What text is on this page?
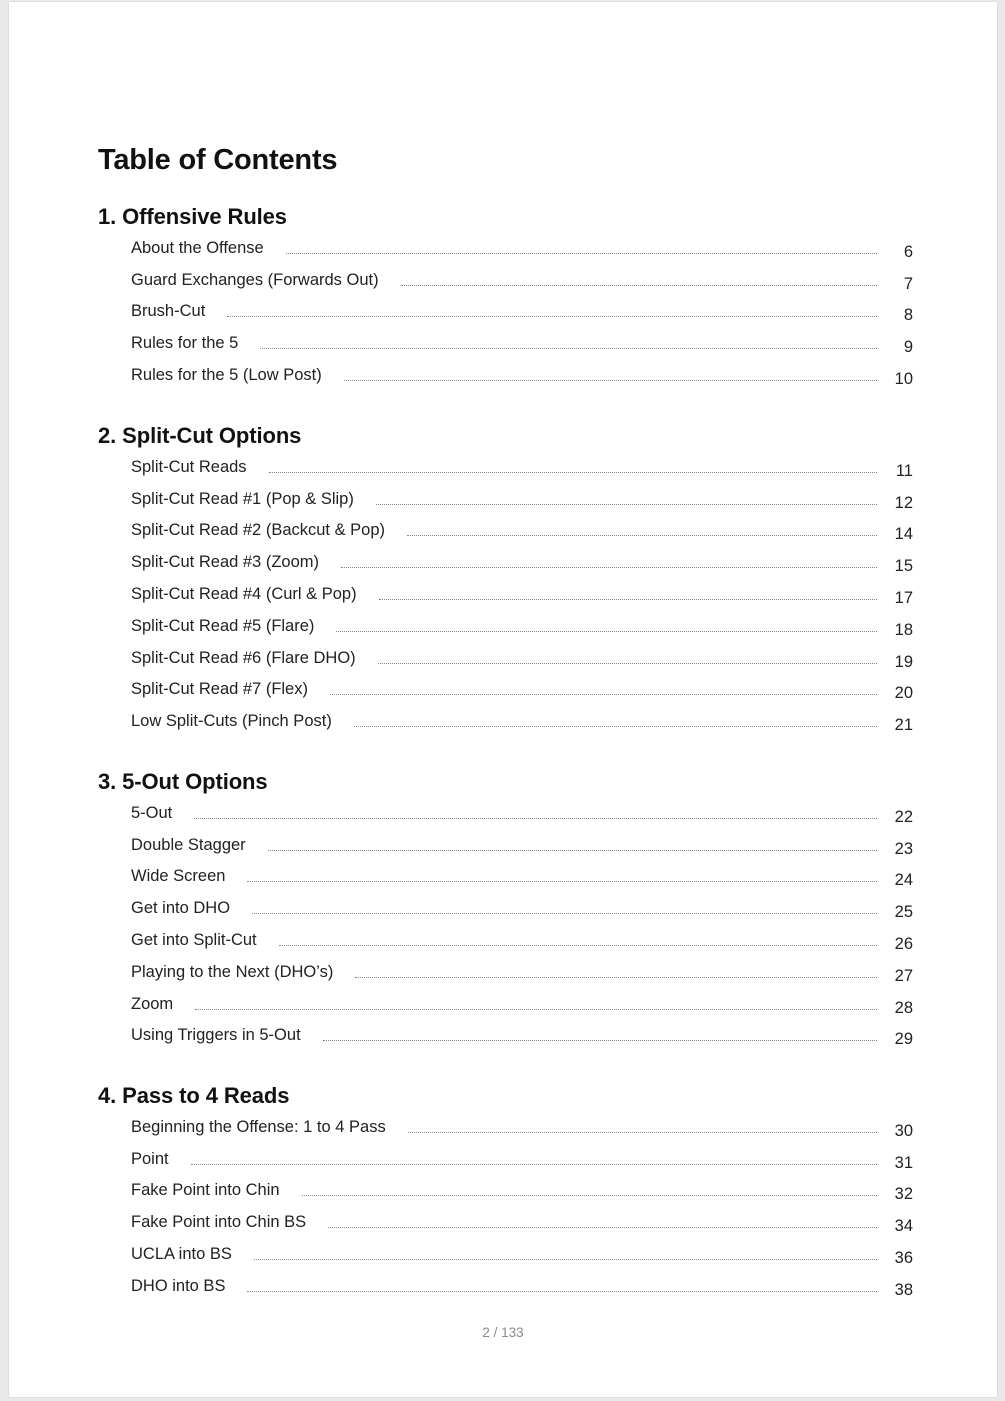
Table of Contents
1. Offensive Rules
About the Offense	6
Guard Exchanges (Forwards Out)	7
Brush-Cut	8
Rules for the 5	9
Rules for the 5 (Low Post)	10
2. Split-Cut Options
Split-Cut Reads	11
Split-Cut Read #1 (Pop & Slip)	12
Split-Cut Read #2 (Backcut & Pop)	14
Split-Cut Read #3 (Zoom)	15
Split-Cut Read #4 (Curl & Pop)	17
Split-Cut Read #5 (Flare)	18
Split-Cut Read #6 (Flare DHO)	19
Split-Cut Read #7 (Flex)	20
Low Split-Cuts (Pinch Post)	21
3. 5-Out Options
5-Out	22
Double Stagger	23
Wide Screen	24
Get into DHO	25
Get into Split-Cut	26
Playing to the Next (DHO’s)	27
Zoom	28
Using Triggers in 5-Out	29
4. Pass to 4 Reads
Beginning the Offense: 1 to 4 Pass	30
Point	31
Fake Point into Chin	32
Fake Point into Chin BS	34
UCLA into BS	36
DHO into BS	38
2 / 133
